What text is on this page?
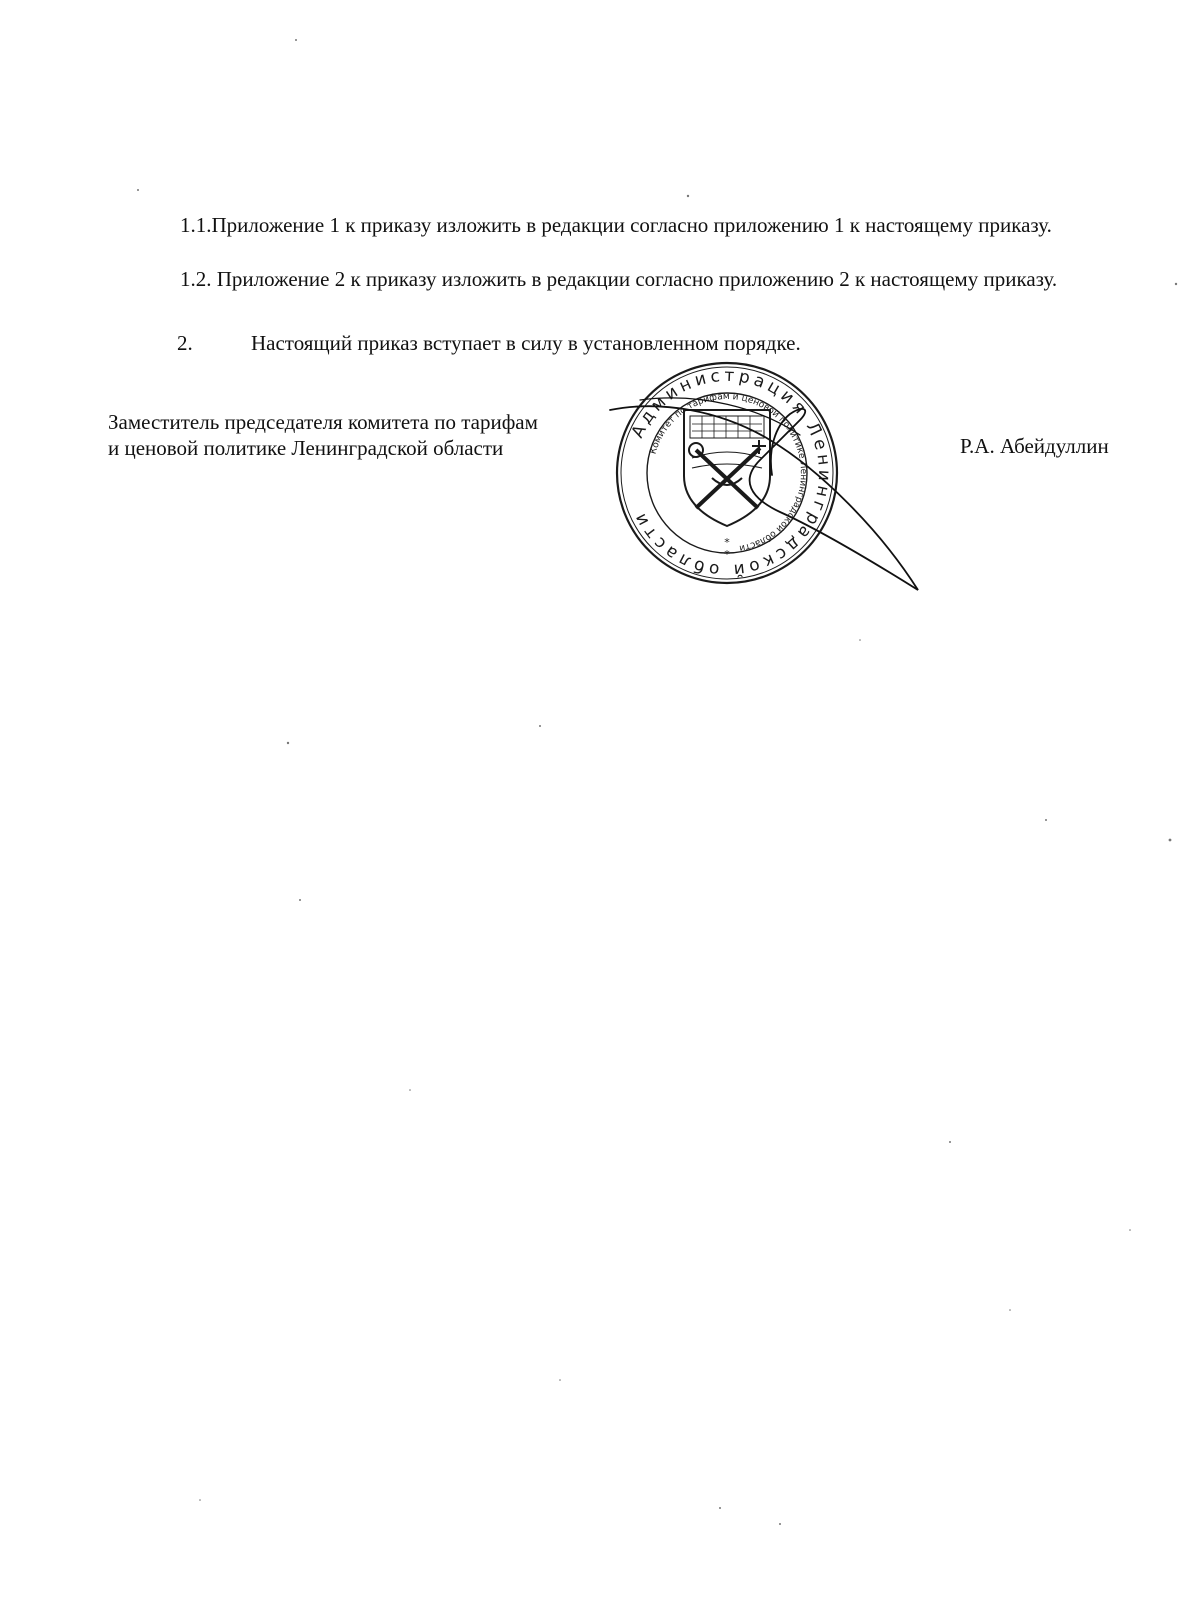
1.1.Приложение 1 к приказу изложить в редакции согласно приложению 1 к настоящему приказу.

1.2. Приложение 2 к приказу изложить в редакции согласно приложению 2 к настоящему приказу.

2.	Настоящий приказ вступает в силу в установленном порядке.
Заместитель председателя комитета по тарифам
и ценовой политике Ленинградской области	Р.А. Абейдуллин
Администрация Ленинградской области
Комитет по тарифам и ценовой политике Ленинградской области
*
*
